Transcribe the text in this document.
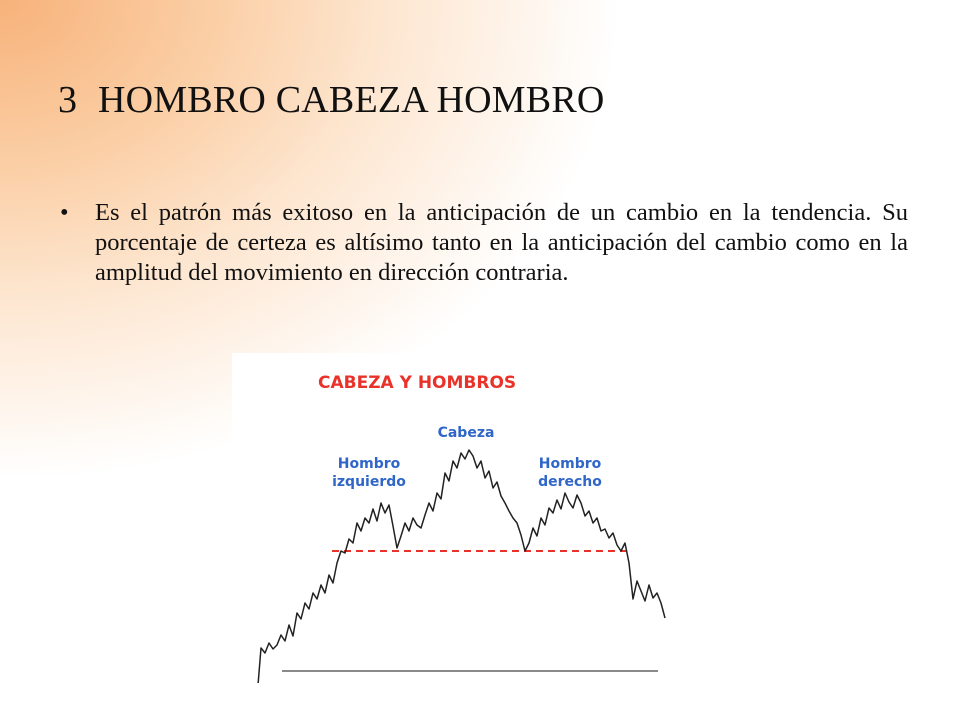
3 HOMBRO CABEZA HOMBRO
• Es el patrón más exitoso en la anticipación de un cambio en la tendencia. Su porcentaje de certeza es altísimo tanto en la anticipación del cambio como en la amplitud del movimiento en dirección contraria.
CABEZA Y HOMBROS
Cabeza
Hombro
izquierdo
Hombro
derecho
